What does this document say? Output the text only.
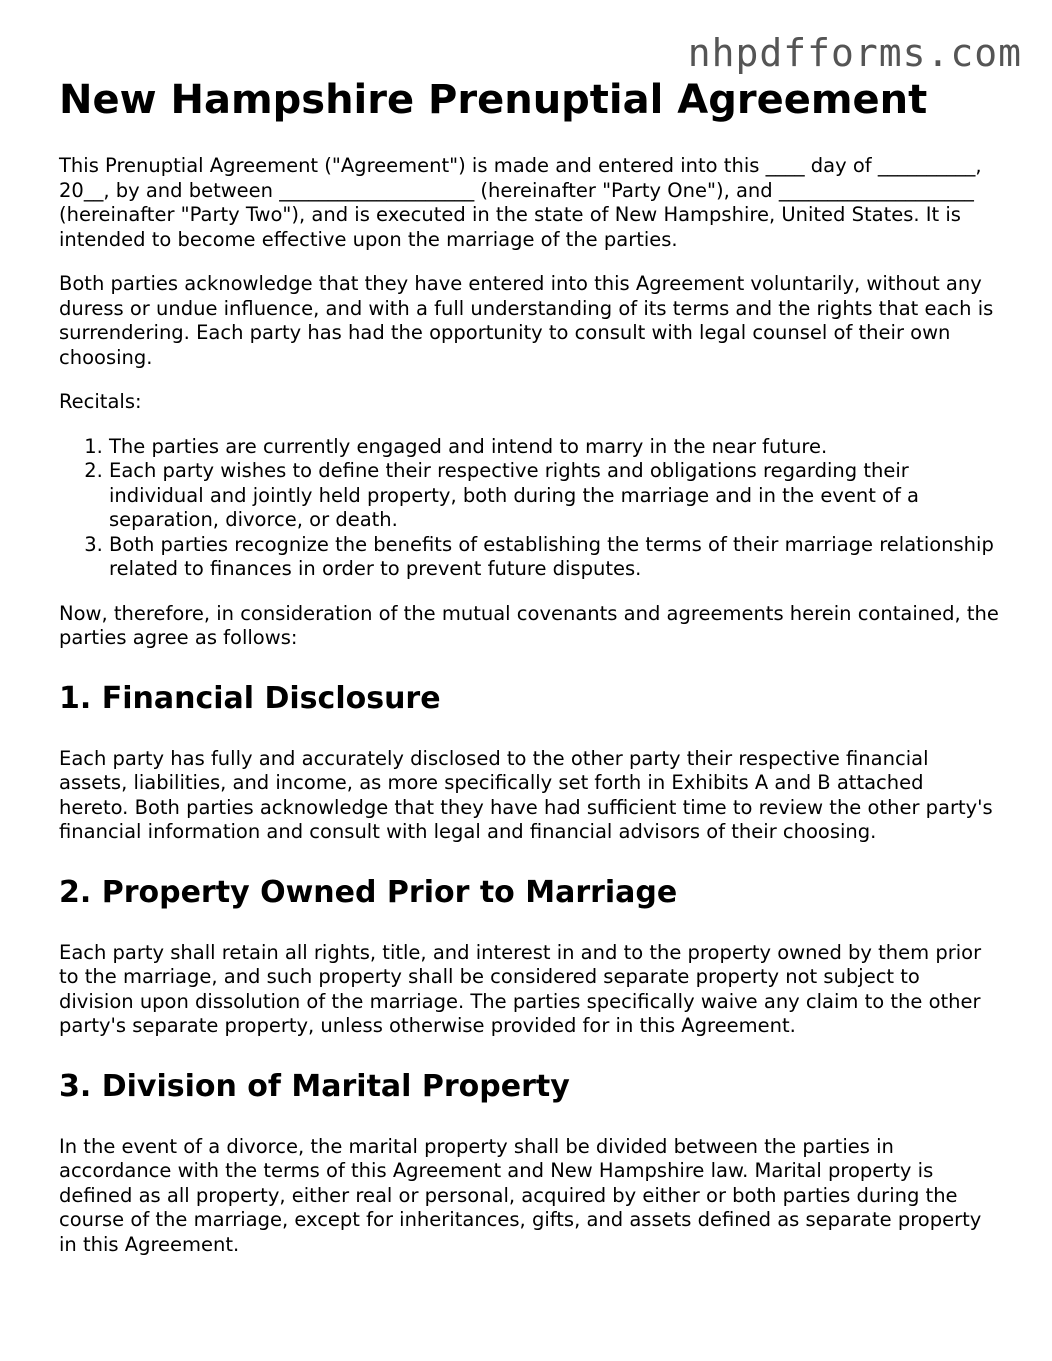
nhpdfforms.com
New Hampshire Prenuptial Agreement

This Prenuptial Agreement ("Agreement") is made and entered into this ____ day of __________, 20__, by and between ____________________ (hereinafter "Party One"), and ____________________ (hereinafter "Party Two"), and is executed in the state of New Hampshire, United States. It is intended to become effective upon the marriage of the parties.

Both parties acknowledge that they have entered into this Agreement voluntarily, without any duress or undue influence, and with a full understanding of its terms and the rights that each is surrendering. Each party has had the opportunity to consult with legal counsel of their own choosing.

Recitals:

1. The parties are currently engaged and intend to marry in the near future.
2. Each party wishes to define their respective rights and obligations regarding their individual and jointly held property, both during the marriage and in the event of a separation, divorce, or death.
3. Both parties recognize the benefits of establishing the terms of their marriage relationship related to finances in order to prevent future disputes.

Now, therefore, in consideration of the mutual covenants and agreements herein contained, the parties agree as follows:

1. Financial Disclosure

Each party has fully and accurately disclosed to the other party their respective financial assets, liabilities, and income, as more specifically set forth in Exhibits A and B attached hereto. Both parties acknowledge that they have had sufficient time to review the other party's financial information and consult with legal and financial advisors of their choosing.

2. Property Owned Prior to Marriage

Each party shall retain all rights, title, and interest in and to the property owned by them prior to the marriage, and such property shall be considered separate property not subject to division upon dissolution of the marriage. The parties specifically waive any claim to the other party's separate property, unless otherwise provided for in this Agreement.

3. Division of Marital Property

In the event of a divorce, the marital property shall be divided between the parties in accordance with the terms of this Agreement and New Hampshire law. Marital property is defined as all property, either real or personal, acquired by either or both parties during the course of the marriage, except for inheritances, gifts, and assets defined as separate property in this Agreement.
